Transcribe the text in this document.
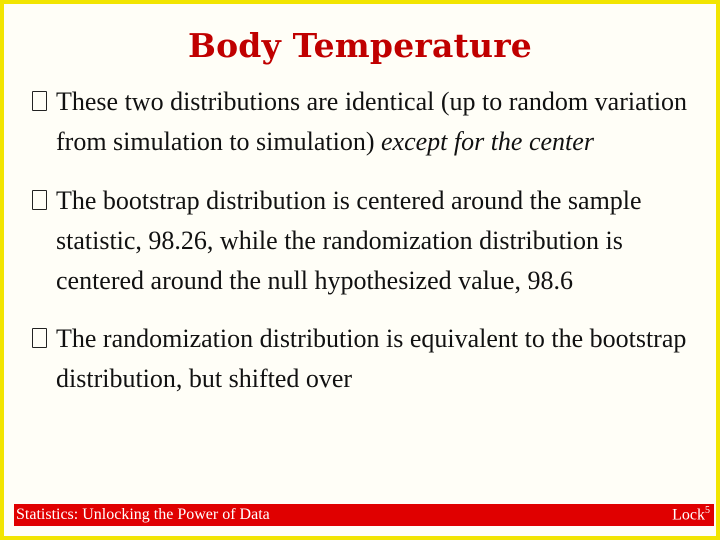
Body Temperature
These two distributions are identical (up to random variation from simulation to simulation) except for the center
The bootstrap distribution is centered around the sample statistic, 98.26, while the randomization distribution is centered around the null hypothesized value, 98.6
The randomization distribution is equivalent to the bootstrap distribution, but shifted over
Statistics: Unlocking the Power of Data	Lock$^5$
